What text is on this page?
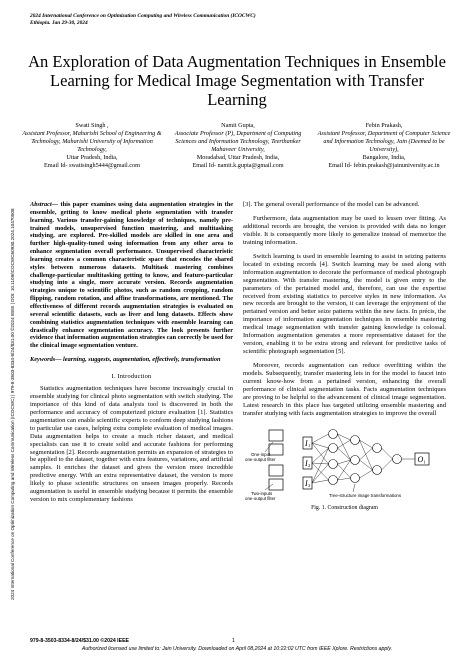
2024 International Conference on Optimization Computing and Wireless Communication (ICOCWC)
Ethiopia. Jan 29-30, 2024
2024 International Conference on Optimization Computing and Wireless Communication (ICOCWC) | 979-8-3503-8334-8/24/$31.00 ©2024 IEEE | DOI: 10.1109/ICOCWC60930.2024.10470508
An Exploration of Data Augmentation Techniques in Ensemble Learning for Medical Image Segmentation with Transfer Learning
Swati Singh ,
Assistant Professor, Maharishi School of Engineering & Technology, Maharishi University of Information Technology,
Uttar Pradesh, India,
Email Id- swatisingh5444@gmail.com
Namit Gupta,
Associate Professor (P), Department of Computing Sciences and Information Technology, Teerthanker Mahaveer University,
Moradabad, Uttar Pradesh, India,
Email Id- namit.k.gupta@gmail.com
Febin Prakash,
Assistant Professor, Department of Computer Science and Information Technology, Jain (Deemed to be University),
Bangalore, India,
Email Id- febin.prakash@jainuniversity.ac.in
Abstract— this paper examines using data augmentation strategies in the ensemble, getting to know medical photo segmentation with transfer learning. Various transfer-gaining knowledge of techniques, namely pre-trained models, unsupervised function mastering, and multitasking studying, are explored. Pre-skilled models are skilled in one area and further high-quality-tuned using information from any other area to enhance segmentation overall performance. Unsupervised characteristic learning creates a common characteristic space that encodes the shared styles between numerous datasets. Multitask mastering combines challenge-particular multitasking getting to know, and feature-particular studying into a single, more accurate version. Records augmentation strategies unique to scientific photos, such as random cropping, random flipping, random rotation, and affine transformations, are mentioned. The effectiveness of different records augmentation strategies is evaluated on several scientific datasets, such as liver and lung datasets. Effects show combining statistics augmentation techniques with ensemble learning can drastically enhance segmentation accuracy. The look presents further evidence that information augmentation strategies can correctly be used for the clinical image segmentation venture.
Keywords— learning, suggests, augmentation, effectively, transformation
I. Introduction

Statistics augmentation techniques have become increasingly crucial in ensemble studying for clinical photo segmentation with switch studying. The importance of this kind of data analysis tool is discovered in both the performance and accuracy of computerized picture evaluation [1]. Statistics augmentation can enable scientific experts to conform deep studying fashions to particular use cases, helping extra complete evaluation of medical images. Data augmentation helps to create a much richer dataset, and medical specialists can use it to create solid and accurate fashions for performing segmentation [2]. Records augmentation permits an expansion of strategies to be applied to the dataset, together with extra features, variations, and artificial samples. It enriches the dataset and gives the version more incredible predictive energy. With an extra representative dataset, the version is more likely to phase scientific structures on unseen images properly. Records augmentation is useful in ensemble studying because it permits the ensemble version to mix complementary fashions

[3]. The general overall performance of the model can be advanced.

Furthermore, data augmentation may be used to lessen over fitting. As additional records are brought, the version is provided with data no longer visible. It is consequently more likely to generalize instead of memorize the training information.

Switch learning is used in ensemble learning to assist in seizing patterns located in existing records [4]. Switch learning may be used along with information augmentation to decorate the performance of medical photograph segmentation. With transfer mastering, the model is given entry to the parameters of the pertained model and, therefore, can use the expertise received from existing statistics to perceive styles in new information. As new records are brought to the version, it can leverage the enjoyment of the pertained version and better seize patterns within the new facts. In précis, the importance of information augmentation techniques in ensemble mastering medical image segmentation with transfer gaining knowledge is colossal. Information augmentation generates a more representative dataset for the version, enabling it to be extra strong and relevant for predictive tasks of scientific photograph segmentation [5].

Moreover, records augmentation can reduce overfitting within the models. Subsequently, transfer mastering lets in for the model to faucet into current know-how from a pertained version, enhancing the overall performance of clinical segmentation tasks. Facts augmentation techniques are proving to be helpful to the advancement of clinical image segmentation. Latest research in this place has targeted utilizing ensemble mastering and transfer studying with facts augmentation strategies to improve the overall

I 1
I 2
I 3
O 1
One-input
one-output filter
Two-inputs
one-output filter
Tree-structure image transformations
Fig. 1. Construction diagram
979-8-3503-8334-8/24/$31.00 ©2024 IEEE	1
Authorized licensed use limited to: Jain University. Downloaded on April 08,2024 at 10:22:02 UTC from IEEE Xplore. Restrictions apply.
